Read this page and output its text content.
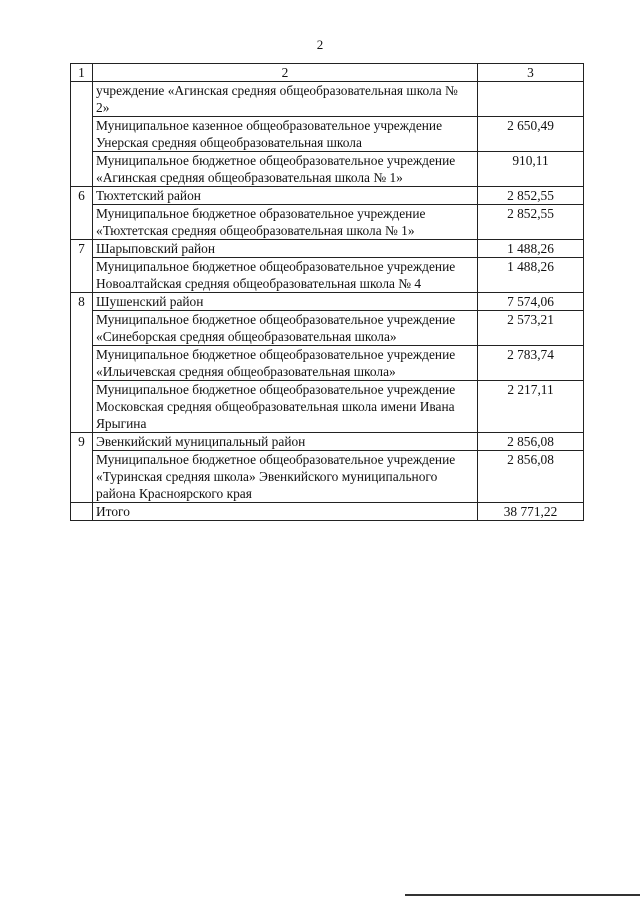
2
1	2	3
	учреждение «Агинская средняя общеобразовательная школа № 2»	
	Муниципальное казенное общеобразовательное учреждение Унерская средняя общеобразовательная школа	2 650,49
	Муниципальное бюджетное общеобразовательное учреждение «Агинская средняя общеобразовательная школа № 1»	910,11
6	Тюхтетский район	2 852,55
	Муниципальное бюджетное образовательное учреждение «Тюхтетская средняя общеобразовательная школа № 1»	2 852,55
7	Шарыповский район	1 488,26
	Муниципальное бюджетное общеобразовательное учреждение Новоалтайская средняя общеобразовательная школа № 4	1 488,26
8	Шушенский район	7 574,06
	Муниципальное бюджетное общеобразовательное учреждение «Синеборская средняя общеобразовательная школа»	2 573,21
	Муниципальное бюджетное общеобразовательное учреждение «Ильичевская средняя общеобразовательная школа»	2 783,74
	Муниципальное бюджетное общеобразовательное учреждение Московская средняя общеобразовательная школа имени Ивана Ярыгина	2 217,11
9	Эвенкийский муниципальный район	2 856,08
	Муниципальное бюджетное общеобразовательное учреждение «Туринская средняя школа» Эвенкийского муниципального района Красноярского края	2 856,08
	Итого	38 771,22
